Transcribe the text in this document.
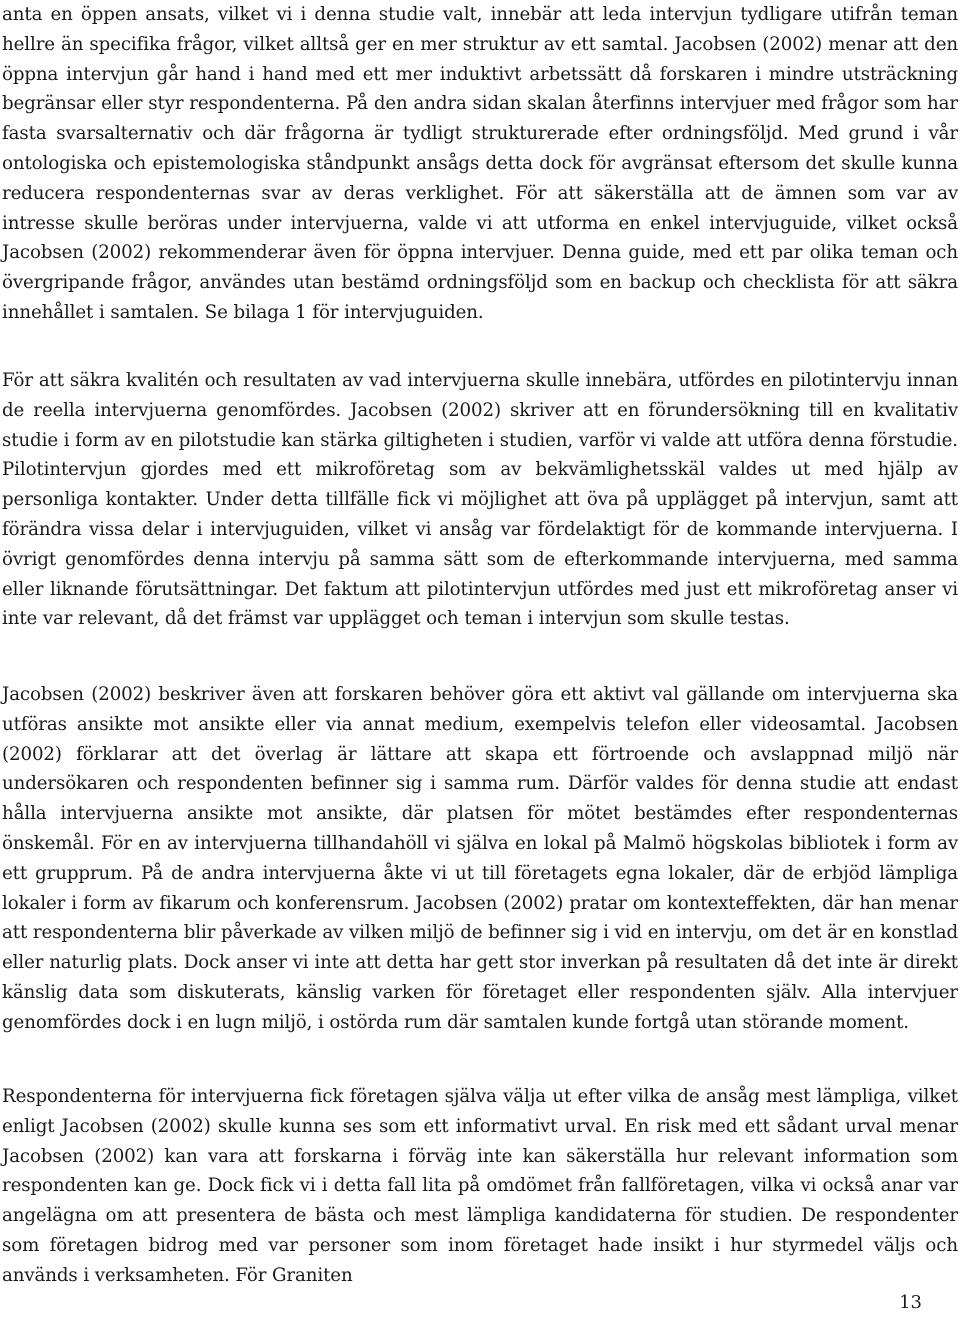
anta en öppen ansats, vilket vi i denna studie valt, innebär att leda intervjun tydligare utifrån teman hellre än specifika frågor, vilket alltså ger en mer struktur av ett samtal. Jacobsen (2002) menar att den öppna intervjun går hand i hand med ett mer induktivt arbetssätt då forskaren i mindre utsträckning begränsar eller styr respondenterna. På den andra sidan skalan återfinns intervjuer med frågor som har fasta svarsalternativ och där frågorna är tydligt strukturerade efter ordningsföljd. Med grund i vår ontologiska och epistemologiska ståndpunkt ansågs detta dock för avgränsat eftersom det skulle kunna reducera respondenternas svar av deras verklighet. För att säkerställa att de ämnen som var av intresse skulle beröras under intervjuerna, valde vi att utforma en enkel intervjuguide, vilket också Jacobsen (2002) rekommenderar även för öppna intervjuer. Denna guide, med ett par olika teman och övergripande frågor, användes utan bestämd ordningsföljd som en backup och checklista för att säkra innehållet i samtalen. Se bilaga 1 för intervjuguiden.

För att säkra kvalitén och resultaten av vad intervjuerna skulle innebära, utfördes en pilotintervju innan de reella intervjuerna genomfördes. Jacobsen (2002) skriver att en förundersökning till en kvalitativ studie i form av en pilotstudie kan stärka giltigheten i studien, varför vi valde att utföra denna förstudie. Pilotintervjun gjordes med ett mikroföretag som av bekvämlighetsskäl valdes ut med hjälp av personliga kontakter. Under detta tillfälle fick vi möjlighet att öva på upplägget på intervjun, samt att förändra vissa delar i intervjuguiden, vilket vi ansåg var fördelaktigt för de kommande intervjuerna. I övrigt genomfördes denna intervju på samma sätt som de efterkommande intervjuerna, med samma eller liknande förutsättningar. Det faktum att pilotintervjun utfördes med just ett mikroföretag anser vi inte var relevant, då det främst var upplägget och teman i intervjun som skulle testas.

Jacobsen (2002) beskriver även att forskaren behöver göra ett aktivt val gällande om intervjuerna ska utföras ansikte mot ansikte eller via annat medium, exempelvis telefon eller videosamtal. Jacobsen (2002) förklarar att det överlag är lättare att skapa ett förtroende och avslappnad miljö när undersökaren och respondenten befinner sig i samma rum. Därför valdes för denna studie att endast hålla intervjuerna ansikte mot ansikte, där platsen för mötet bestämdes efter respondenternas önskemål. För en av intervjuerna tillhandahöll vi själva en lokal på Malmö högskolas bibliotek i form av ett grupprum. På de andra intervjuerna åkte vi ut till företagets egna lokaler, där de erbjöd lämpliga lokaler i form av fikarum och konferensrum. Jacobsen (2002) pratar om kontexteffekten, där han menar att respondenterna blir påverkade av vilken miljö de befinner sig i vid en intervju, om det är en konstlad eller naturlig plats. Dock anser vi inte att detta har gett stor inverkan på resultaten då det inte är direkt känslig data som diskuterats, känslig varken för företaget eller respondenten själv. Alla intervjuer genomfördes dock i en lugn miljö, i ostörda rum där samtalen kunde fortgå utan störande moment.

Respondenterna för intervjuerna fick företagen själva välja ut efter vilka de ansåg mest lämpliga, vilket enligt Jacobsen (2002) skulle kunna ses som ett informativt urval. En risk med ett sådant urval menar Jacobsen (2002) kan vara att forskarna i förväg inte kan säkerställa hur relevant information som respondenten kan ge. Dock fick vi i detta fall lita på omdömet från fallföretagen, vilka vi också anar var angelägna om att presentera de bästa och mest lämpliga kandidaterna för studien. De respondenter som företagen bidrog med var personer som inom företaget hade insikt i hur styrmedel väljs och används i verksamheten. För Graniten

13
